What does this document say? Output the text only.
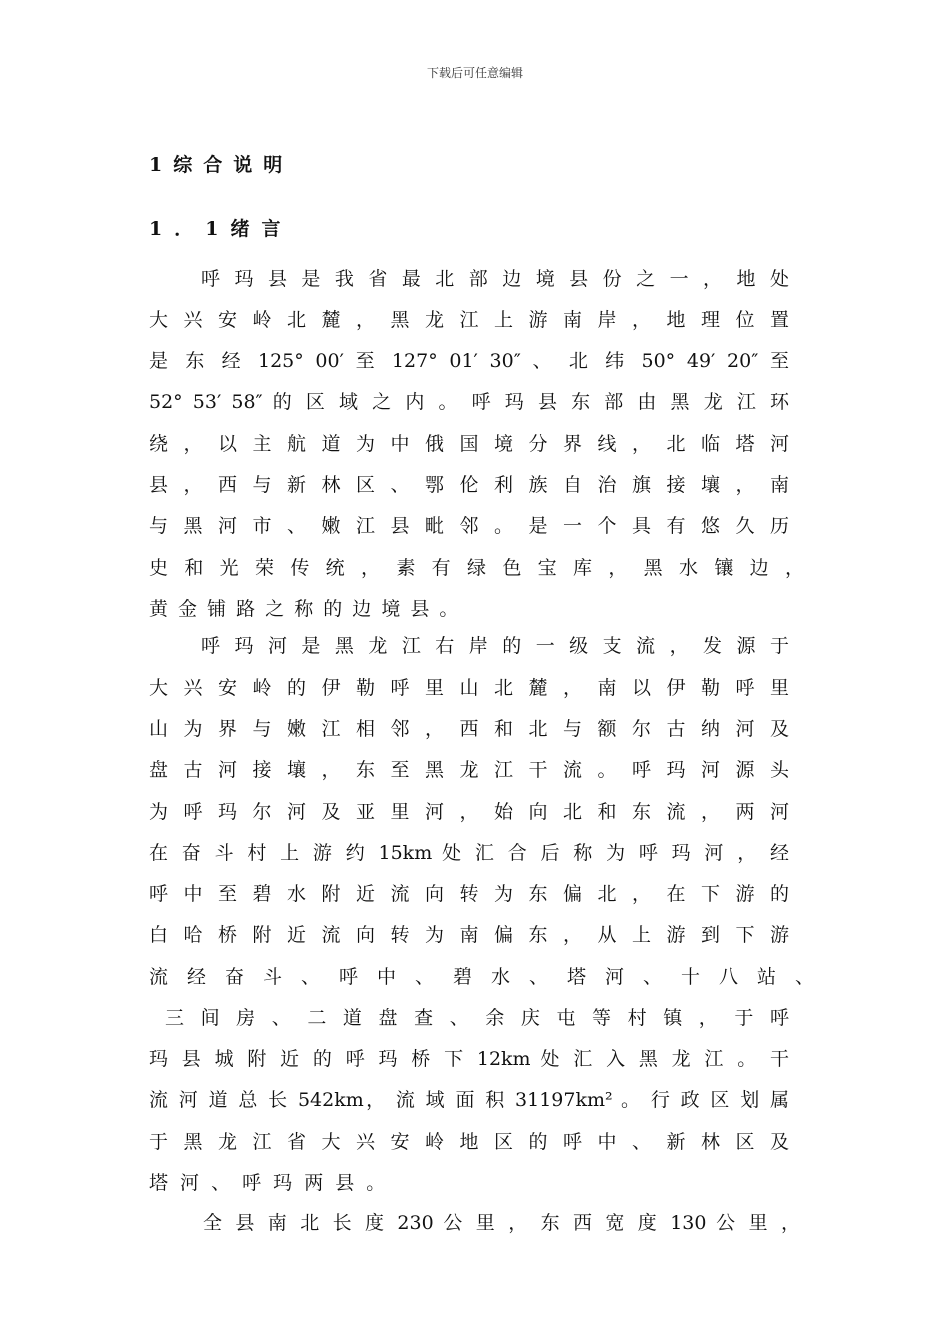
下载后可任意编辑
1综合说明
1．1绪言
呼 玛 县 是 我 省 最 北 部 边 境 县 份 之 一 ， 地 处
大 兴 安 岭 北 麓 ， 黑 龙 江 上 游 南 岸 ， 地 理 位 置
是 东 经 125° 00′ 至 127° 01′ 30″ 、 北 纬 50° 49′ 20″ 至
52° 53′ 58″ 的 区 域 之 内 。 呼 玛 县 东 部 由 黑 龙 江 环
绕 ， 以 主 航 道 为 中 俄 国 境 分 界 线 ， 北 临 塔 河
县 ， 西 与 新 林 区 、 鄂 伦 利 族 自 治 旗 接 壤 ， 南
与 黑 河 市 、 嫩 江 县 毗 邻 。 是 一 个 具 有 悠 久 历
史 和 光 荣 传 统 ， 素 有 绿 色 宝 库 ， 黑 水 镶 边 ，
黄 金 铺 路 之 称 的 边 境 县 。
呼 玛 河 是 黑 龙 江 右 岸 的 一 级 支 流 ， 发 源 于
大 兴 安 岭 的 伊 勒 呼 里 山 北 麓 ， 南 以 伊 勒 呼 里
山 为 界 与 嫩 江 相 邻 ， 西 和 北 与 额 尔 古 纳 河 及
盘 古 河 接 壤 ， 东 至 黑 龙 江 干 流 。 呼 玛 河 源 头
为 呼 玛 尔 河 及 亚 里 河 ， 始 向 北 和 东 流 ， 两 河
在 奋 斗 村 上 游 约 15km 处 汇 合 后 称 为 呼 玛 河 ， 经
呼 中 至 碧 水 附 近 流 向 转 为 东 偏 北 ， 在 下 游 的
白 哈 桥 附 近 流 向 转 为 南 偏 东 ， 从 上 游 到 下 游
流 经 奋 斗 、 呼 中 、 碧 水 、 塔 河 、 十 八 站 、
三 间 房 、 二 道 盘 查 、 余 庆 屯 等 村 镇 ， 于 呼
玛 县 城 附 近 的 呼 玛 桥 下 12km 处 汇 入 黑 龙 江 。 干
流 河 道 总 长 542km， 流 域 面 积 31197km² 。 行 政 区 划 属
于 黑 龙 江 省 大 兴 安 岭 地 区 的 呼 中 、 新 林 区 及
塔 河 、 呼 玛 两 县 。
全 县 南 北 长 度 230 公 里 ， 东 西 宽 度 130 公 里 ，
